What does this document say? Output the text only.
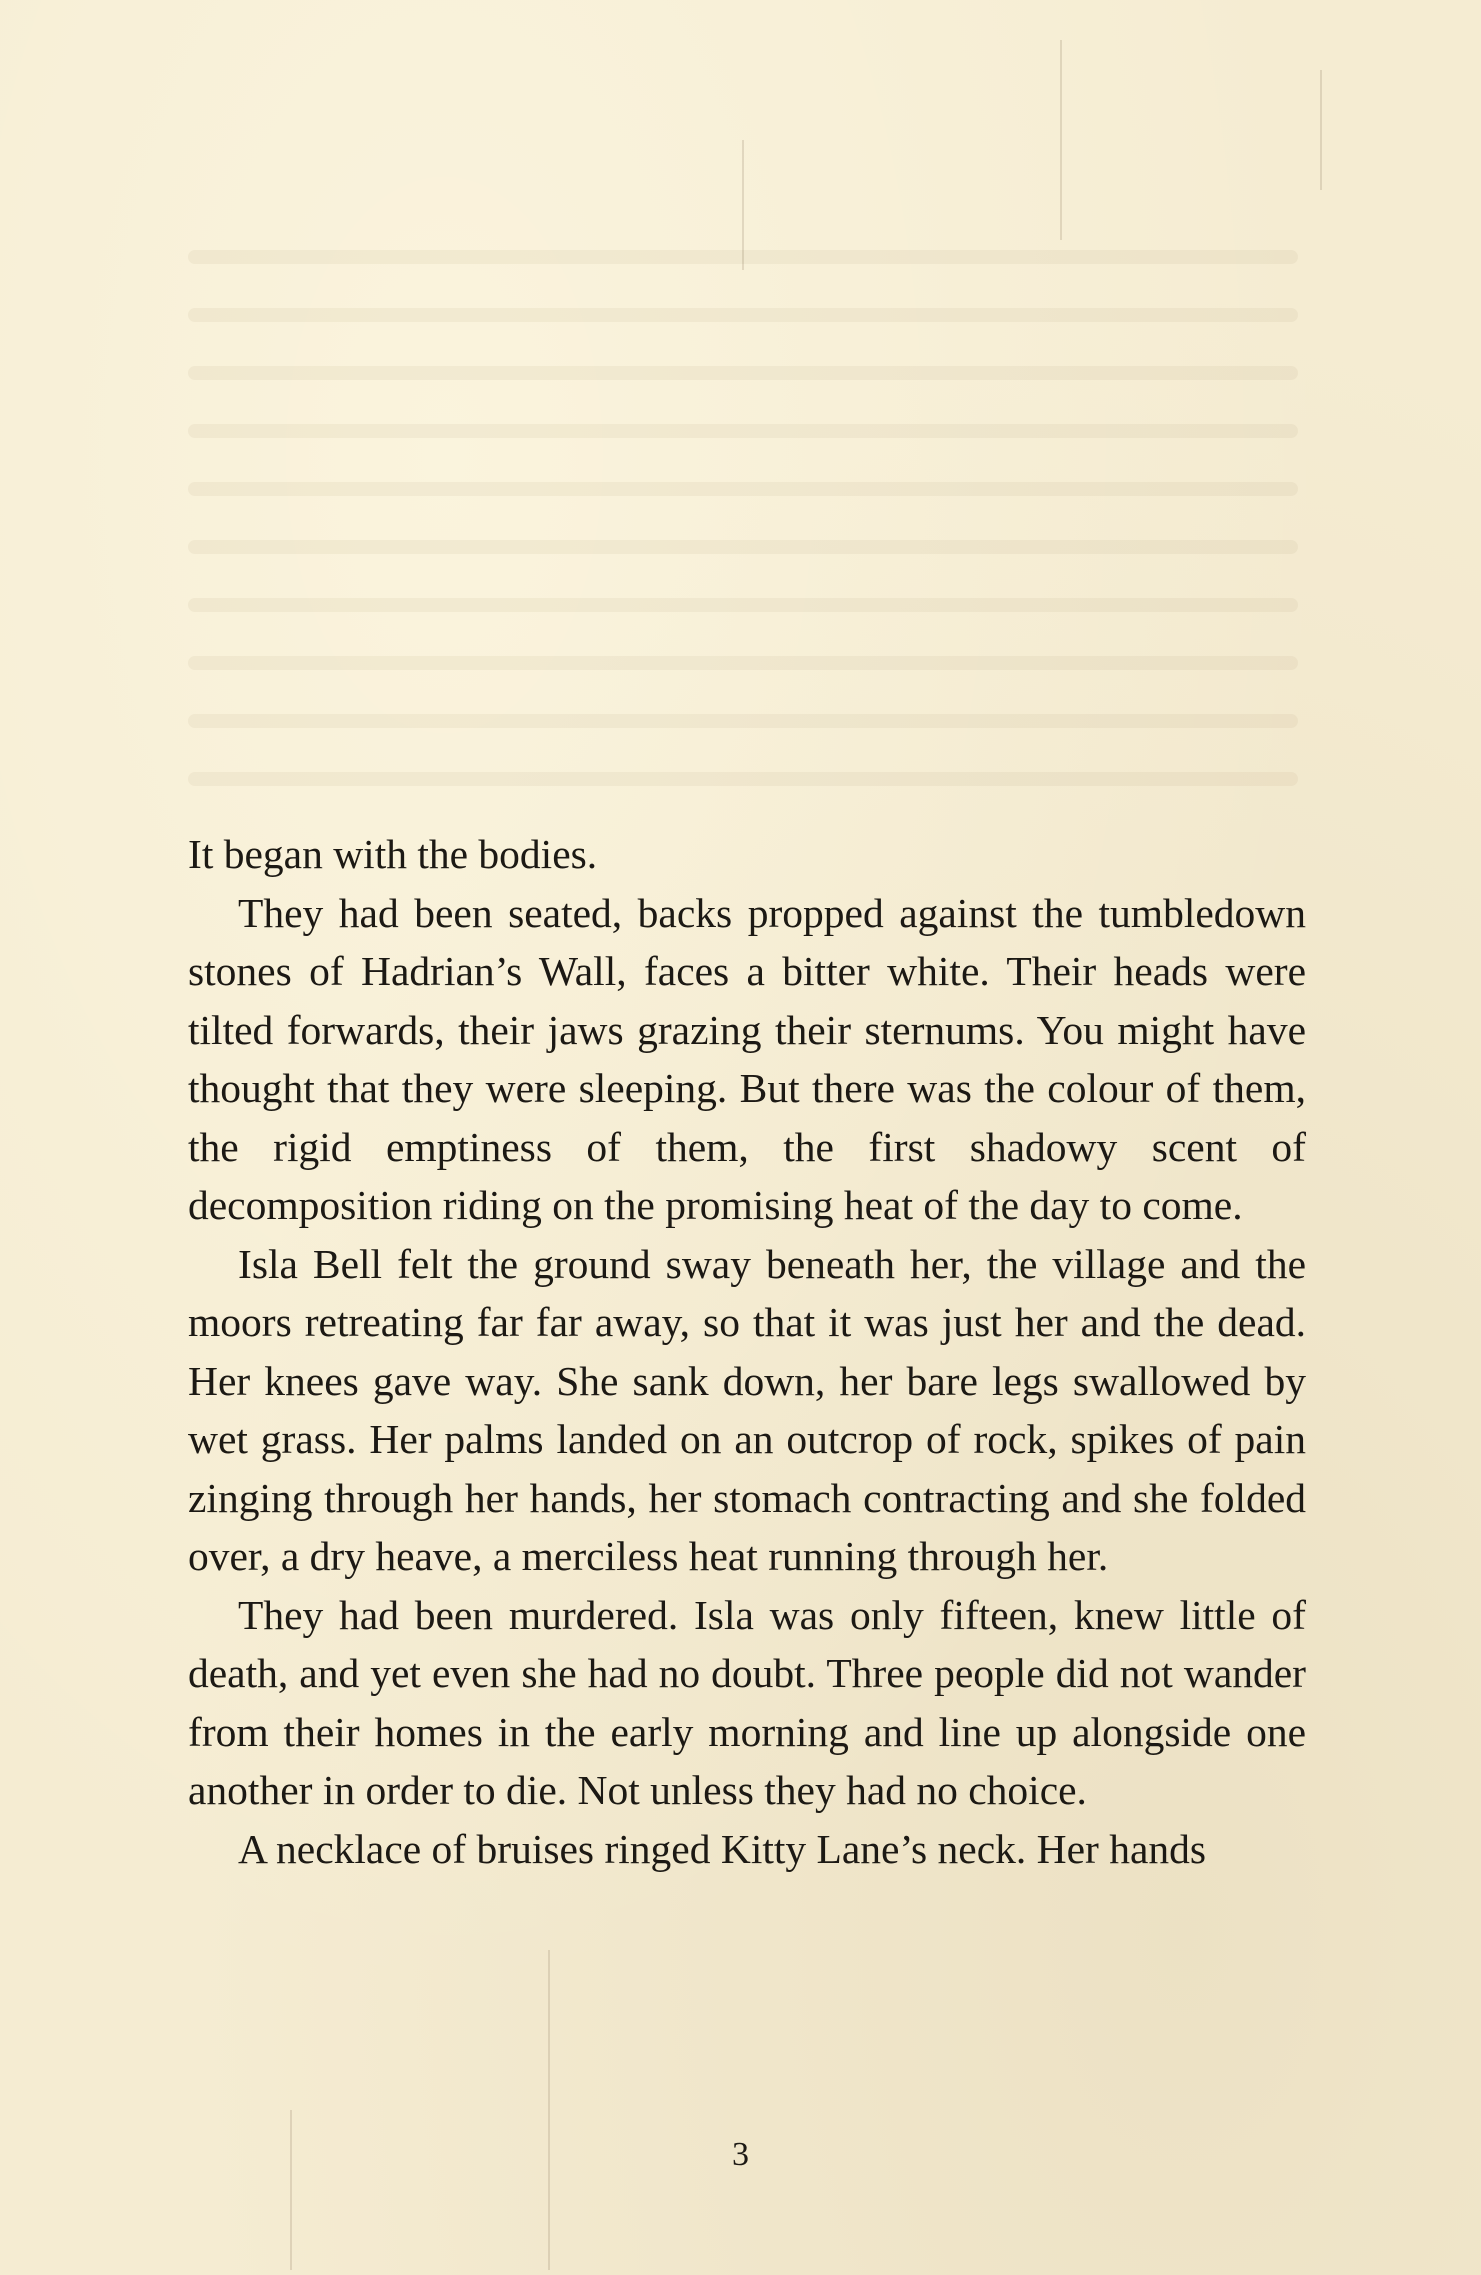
It began with the bodies.

They had been seated, backs propped against the tumbledown stones of Hadrian’s Wall, faces a bitter white. Their heads were tilted forwards, their jaws grazing their sternums. You might have thought that they were sleeping. But there was the colour of them, the rigid emptiness of them, the first shadowy scent of decomposition riding on the promising heat of the day to come.

Isla Bell felt the ground sway beneath her, the village and the moors retreating far far away, so that it was just her and the dead. Her knees gave way. She sank down, her bare legs swallowed by wet grass. Her palms landed on an outcrop of rock, spikes of pain zinging through her hands, her stomach contracting and she folded over, a dry heave, a merciless heat running through her.

They had been murdered. Isla was only fifteen, knew little of death, and yet even she had no doubt. Three people did not wander from their homes in the early morning and line up alongside one another in order to die. Not unless they had no choice.

A necklace of bruises ringed Kitty Lane’s neck. Her hands

3
